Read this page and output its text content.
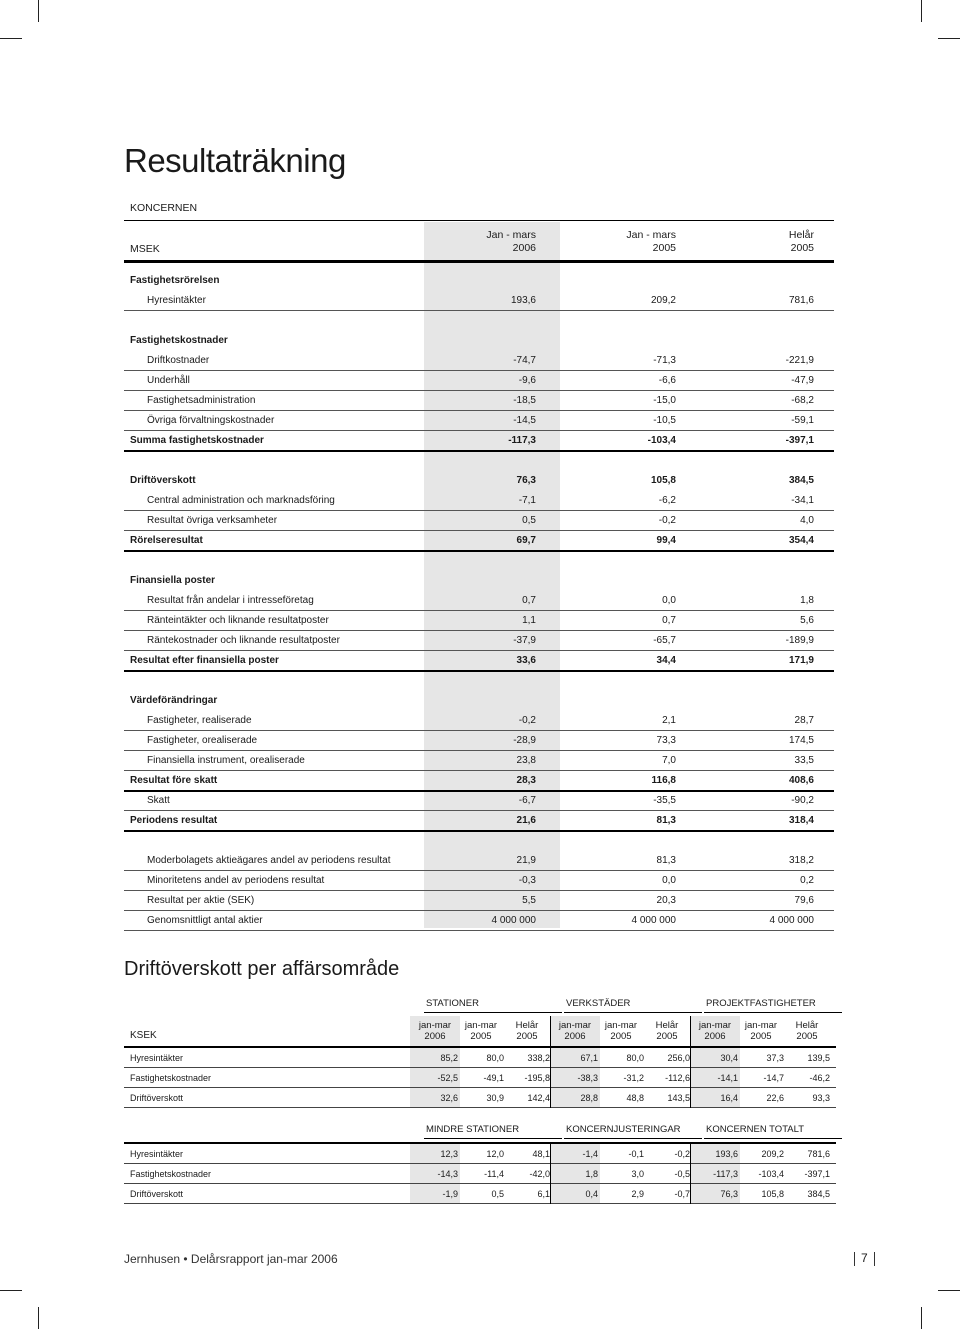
Resultaträkning
KONCERNEN
MSEK
Jan - mars
2006
Jan - mars
2005
Helår
2005
Fastighetsrörelsen
Hyresintäkter	193,6	209,2	781,6
Fastighetskostnader
Driftkostnader	-74,7	-71,3	-221,9
Underhåll	-9,6	-6,6	-47,9
Fastighetsadministration	-18,5	-15,0	-68,2
Övriga förvaltningskostnader	-14,5	-10,5	-59,1
Summa fastighetskostnader	-117,3	-103,4	-397,1
Driftöverskott	76,3	105,8	384,5
Central administration och marknadsföring	-7,1	-6,2	-34,1
Resultat övriga verksamheter	0,5	-0,2	4,0
Rörelseresultat	69,7	99,4	354,4
Finansiella poster
Resultat från andelar i intresseföretag	0,7	0,0	1,8
Ränteintäkter och liknande resultatposter	1,1	0,7	5,6
Räntekostnader och liknande resultatposter	-37,9	-65,7	-189,9
Resultat efter finansiella poster	33,6	34,4	171,9
Värdeförändringar
Fastigheter, realiserade	-0,2	2,1	28,7
Fastigheter, orealiserade	-28,9	73,3	174,5
Finansiella instrument, orealiserade	23,8	7,0	33,5
Resultat före skatt	28,3	116,8	408,6
Skatt	-6,7	-35,5	-90,2
Periodens resultat	21,6	81,3	318,4
Moderbolagets aktieägares andel av periodens resultat	21,9	81,3	318,2
Minoritetens andel av periodens resultat	-0,3	0,0	0,2
Resultat per aktie (SEK)	5,5	20,3	79,6
Genomsnittligt antal aktier	4 000 000	4 000 000	4 000 000
Driftöverskott per affärsområde
STATIONER	VERKSTÄDER	PROJEKTFASTIGHETER
KSEK
jan-mar
2006
jan-mar
2005
Helår
2005
jan-mar
2006
jan-mar
2005
Helår
2005
jan-mar
2006
jan-mar
2005
Helår
2005
Hyresintäkter	85,2	80,0	338,2	67,1	80,0	256,0	30,4	37,3	139,5
Fastighetskostnader	-52,5	-49,1	-195,8	-38,3	-31,2	-112,6	-14,1	-14,7	-46,2
Driftöverskott	32,6	30,9	142,4	28,8	48,8	143,5	16,4	22,6	93,3
MINDRE STATIONER	KONCERNJUSTERINGAR	KONCERNEN TOTALT
Hyresintäkter	12,3	12,0	48,1	-1,4	-0,1	-0,2	193,6	209,2	781,6
Fastighetskostnader	-14,3	-11,4	-42,0	1,8	3,0	-0,5	-117,3	-103,4	-397,1
Driftöverskott	-1,9	0,5	6,1	0,4	2,9	-0,7	76,3	105,8	384,5
Jernhusen • Delårsrapport jan-mar 2006	7
